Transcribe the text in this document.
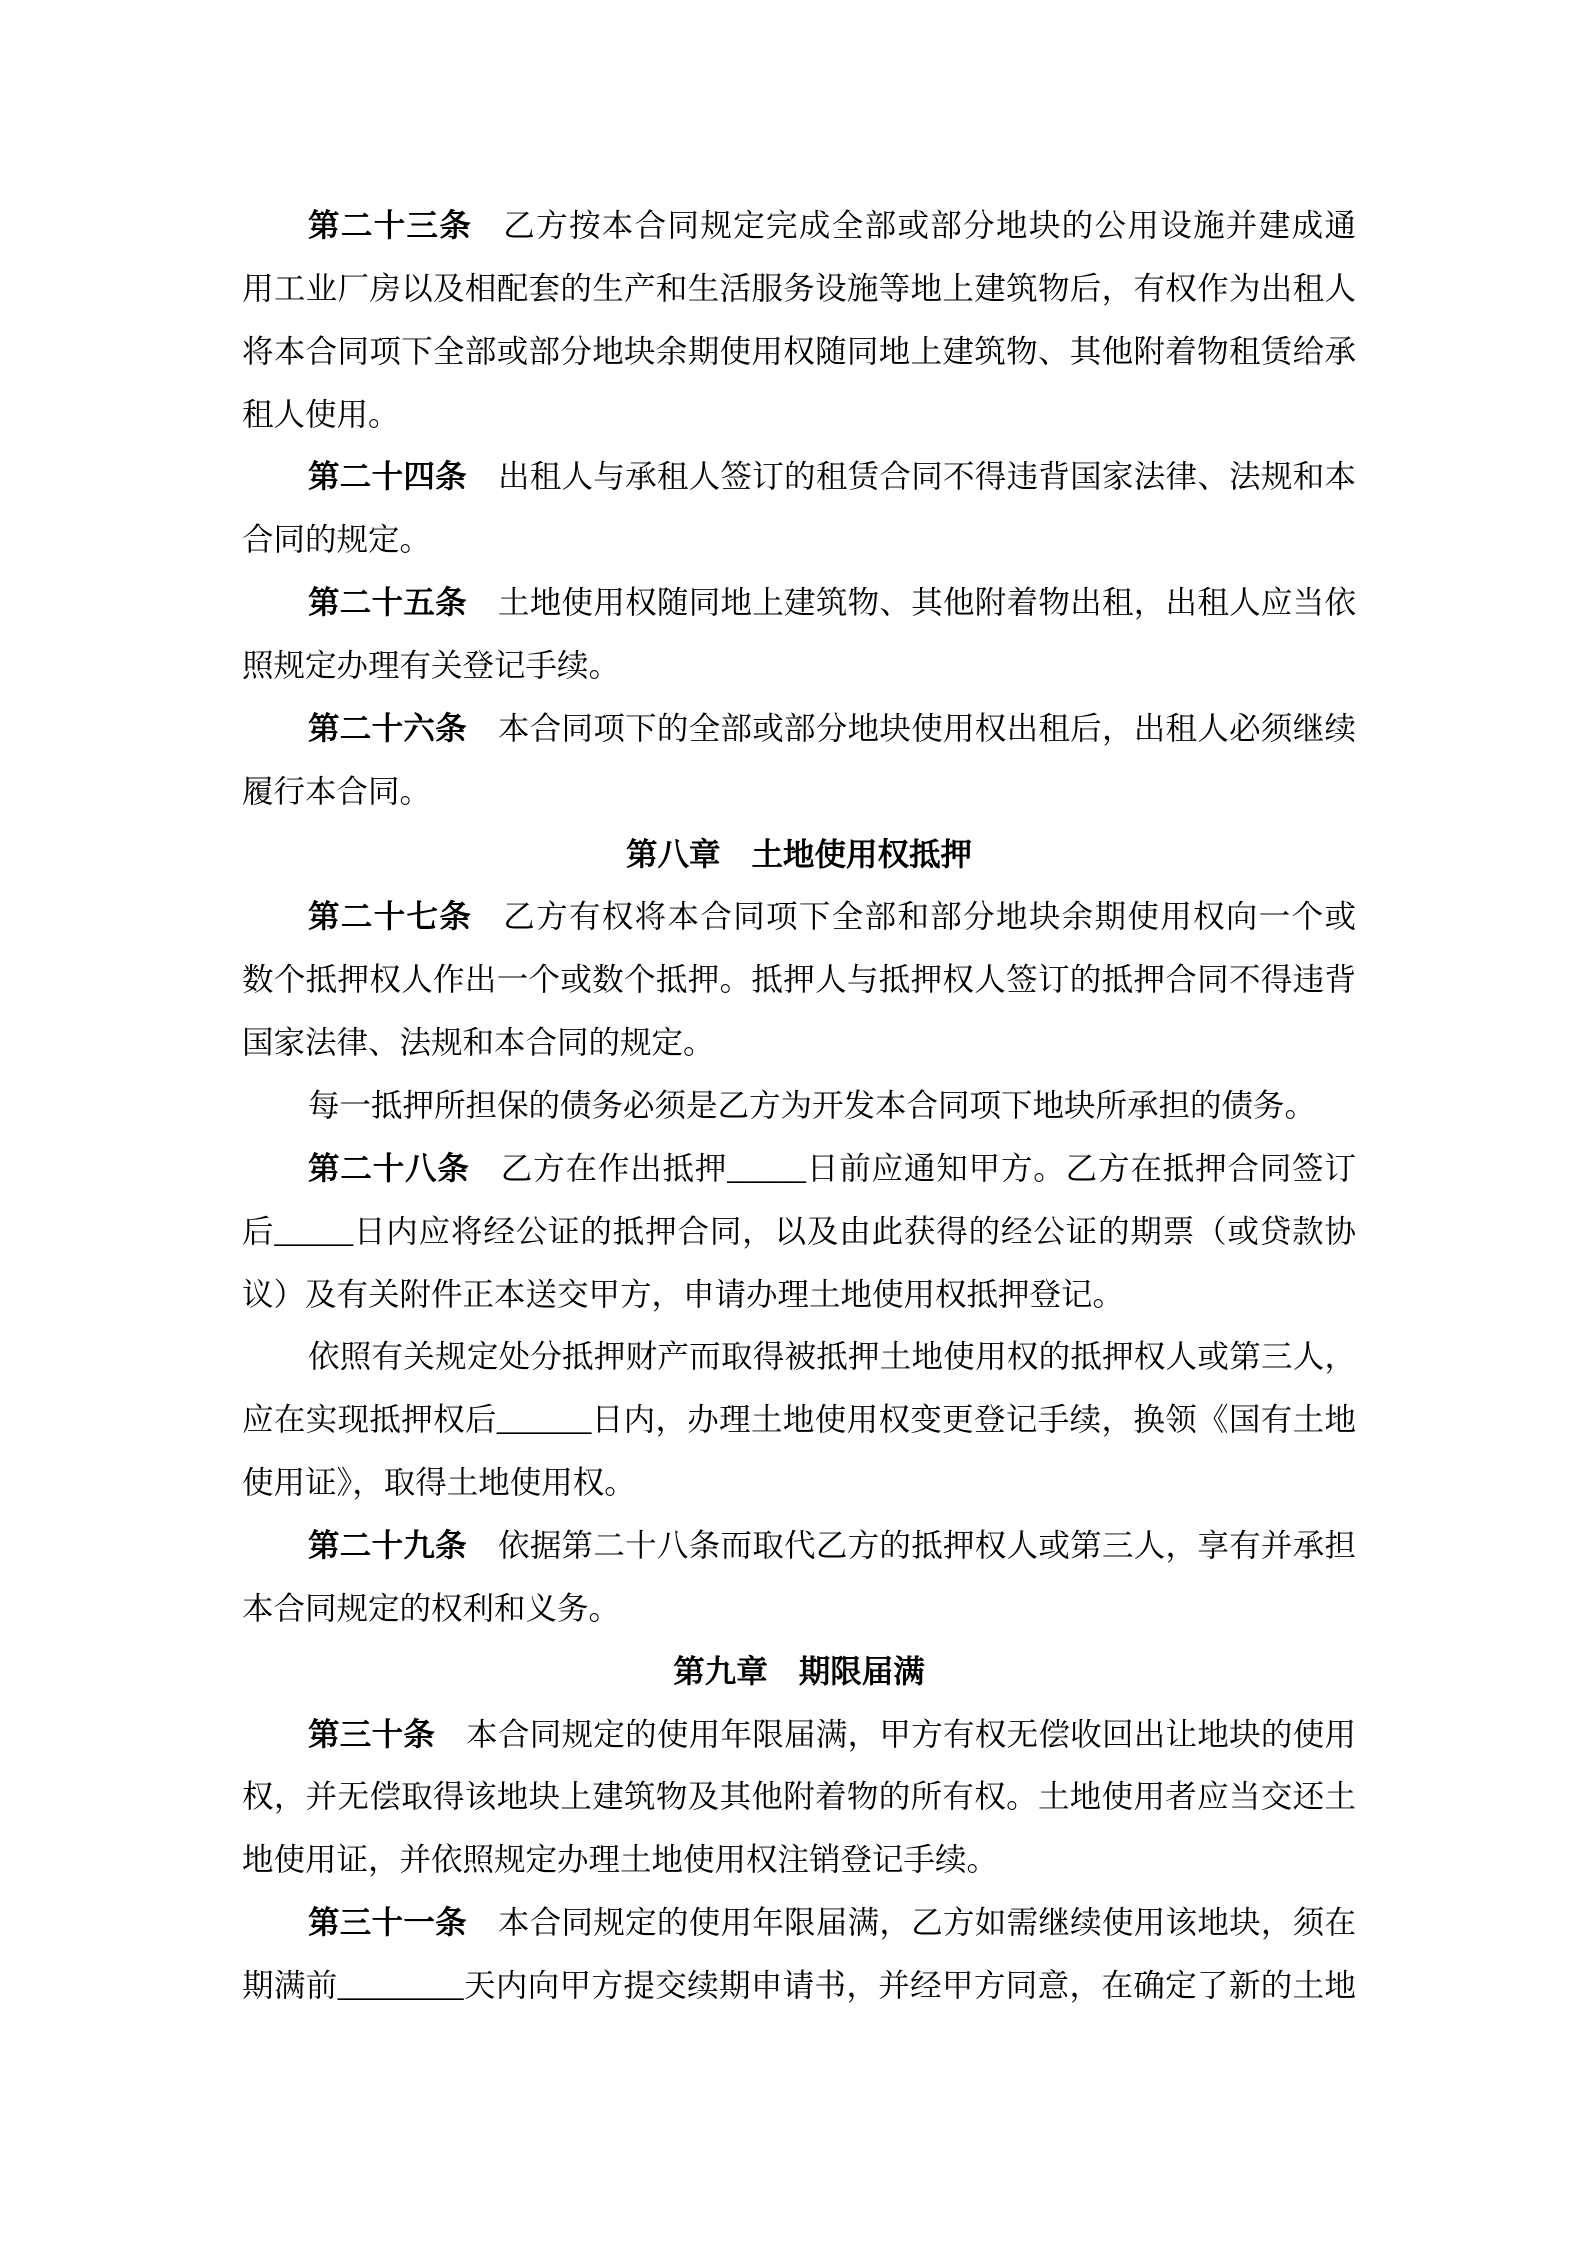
第二十三条 乙方按本合同规定完成全部或部分地块的公用设施并建成通
用工业厂房以及相配套的生产和生活服务设施等地上建筑物后，有权作为出租人
将本合同项下全部或部分地块余期使用权随同地上建筑物、其他附着物租赁给承
租人使用。
第二十四条 出租人与承租人签订的租赁合同不得违背国家法律、法规和本
合同的规定。
第二十五条 土地使用权随同地上建筑物、其他附着物出租，出租人应当依
照规定办理有关登记手续。
第二十六条 本合同项下的全部或部分地块使用权出租后，出租人必须继续
履行本合同。
第八章 土地使用权抵押
第二十七条 乙方有权将本合同项下全部和部分地块余期使用权向一个或
数个抵押权人作出一个或数个抵押。抵押人与抵押权人签订的抵押合同不得违背
国家法律、法规和本合同的规定。
每一抵押所担保的债务必须是乙方为开发本合同项下地块所承担的债务。
第二十八条 乙方在作出抵押_____日前应通知甲方。乙方在抵押合同签订
后_____日内应将经公证的抵押合同，以及由此获得的经公证的期票（或贷款协
议）及有关附件正本送交甲方，申请办理土地使用权抵押登记。
依照有关规定处分抵押财产而取得被抵押土地使用权的抵押权人或第三人，
应在实现抵押权后______日内，办理土地使用权变更登记手续，换领《国有土地
使用证》，取得土地使用权。
第二十九条 依据第二十八条而取代乙方的抵押权人或第三人，享有并承担
本合同规定的权利和义务。
第九章 期限届满
第三十条 本合同规定的使用年限届满，甲方有权无偿收回出让地块的使用
权，并无偿取得该地块上建筑物及其他附着物的所有权。土地使用者应当交还土
地使用证，并依照规定办理土地使用权注销登记手续。
第三十一条 本合同规定的使用年限届满，乙方如需继续使用该地块，须在
期满前________天内向甲方提交续期申请书，并经甲方同意，在确定了新的土地
